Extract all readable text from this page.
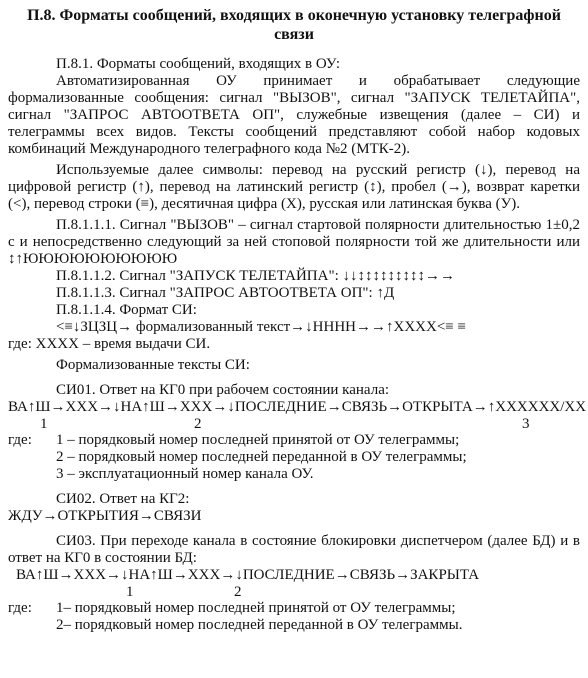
П.8. Форматы сообщений, входящих в оконечную установку телеграфной связи

П.8.1. Форматы сообщений, входящих в ОУ:

Автоматизированная ОУ принимает и обрабатывает следующие формализованные сообщения: сигнал "ВЫЗОВ", сигнал "ЗАПУСК ТЕЛЕТАЙПА", сигнал "ЗАПРОС АВТООТВЕТА ОП", служебные извещения (далее – СИ) и телеграммы всех видов. Тексты сообщений представляют собой набор кодовых комбинаций Международного телеграфного кода №2 (МТК-2).

Используемые далее символы: перевод на русский регистр (↓), перевод на цифровой регистр (↑), перевод на латинский регистр (↕), пробел (→), возврат каретки (<), перевод строки (≡), десятичная цифра (Х), русская или латинская буква (У).

П.8.1.1.1. Сигнал "ВЫЗОВ" – сигнал стартовой полярности длительностью 1±0,2 с и непосредственно следующий за ней стоповой полярности той же длительности или ↕↑ЮЮЮЮЮЮЮЮЮЮ

П.8.1.1.2. Сигнал "ЗАПУСК ТЕЛЕТАЙПА": ↓↓↕↕↕↕↕↕↕↕↕→→

П.8.1.1.3. Сигнал "ЗАПРОС АВТООТВЕТА ОП": ↑Д

П.8.1.1.4. Формат СИ:

<≡↓ЗЦЗЦ→ формализованный текст→↓НННН→→↑ХХХХ<≡ ≡

где: ХХХХ – время выдачи СИ.

Формализованные тексты СИ:

СИ01. Ответ на КГ0 при рабочем состоянии канала:

ВА↑Ш→ХХХ→↓НА↑Ш→ХХХ→↓ПОСЛЕДНИЕ→СВЯЗЬ→ОТКРЫТА→↑ХХХХХХ/ХХ

1	2	3
где:	1 – порядковый номер последней принятой от ОУ телеграммы;
2 – порядковый номер последней переданной в ОУ телеграммы;
3 – эксплуатационный номер канала ОУ.

СИ02. Ответ на КГ2:

ЖДУ→ОТКРЫТИЯ→СВЯЗИ

СИ03. При переходе канала в состояние блокировки диспетчером (далее БД) и в ответ на КГ0 в состоянии БД:

ВА↑Ш→ХХХ→↓НА↑Ш→ХХХ→↓ПОСЛЕДНИЕ→СВЯЗЬ→ЗАКРЫТА

1	2
где:	1– порядковый номер последней принятой от ОУ телеграммы;
2– порядковый номер последней переданной в ОУ телеграммы.
